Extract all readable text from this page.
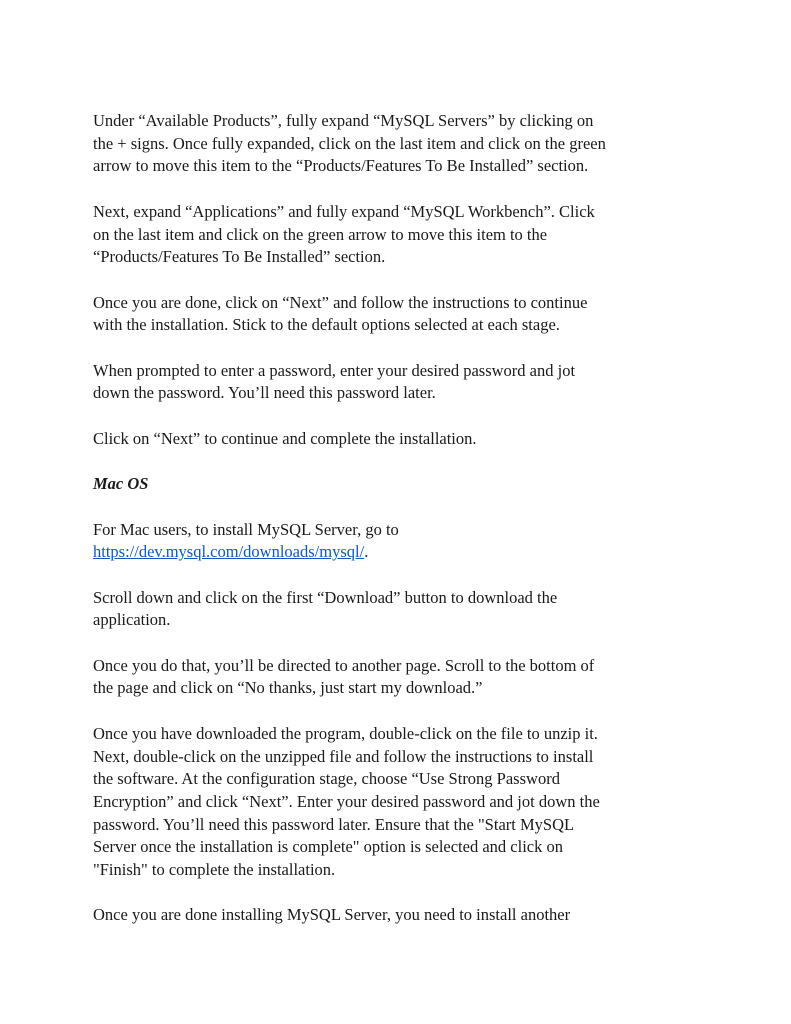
Under “Available Products”, fully expand “MySQL Servers” by clicking on
the + signs. Once fully expanded, click on the last item and click on the green
arrow to move this item to the “Products/Features To Be Installed” section.
Next, expand “Applications” and fully expand “MySQL Workbench”. Click
on the last item and click on the green arrow to move this item to the
“Products/Features To Be Installed” section.
Once you are done, click on “Next” and follow the instructions to continue
with the installation. Stick to the default options selected at each stage.
When prompted to enter a password, enter your desired password and jot
down the password. You’ll need this password later.
Click on “Next” to continue and complete the installation.
Mac OS
For Mac users, to install MySQL Server, go to
https://dev.mysql.com/downloads/mysql/.
Scroll down and click on the first “Download” button to download the
application.
Once you do that, you’ll be directed to another page. Scroll to the bottom of
the page and click on “No thanks, just start my download.”
Once you have downloaded the program, double-click on the file to unzip it.
Next, double-click on the unzipped file and follow the instructions to install
the software. At the configuration stage, choose “Use Strong Password
Encryption” and click “Next”. Enter your desired password and jot down the
password. You’ll need this password later. Ensure that the "Start MySQL
Server once the installation is complete" option is selected and click on
"Finish" to complete the installation.
Once you are done installing MySQL Server, you need to install another
